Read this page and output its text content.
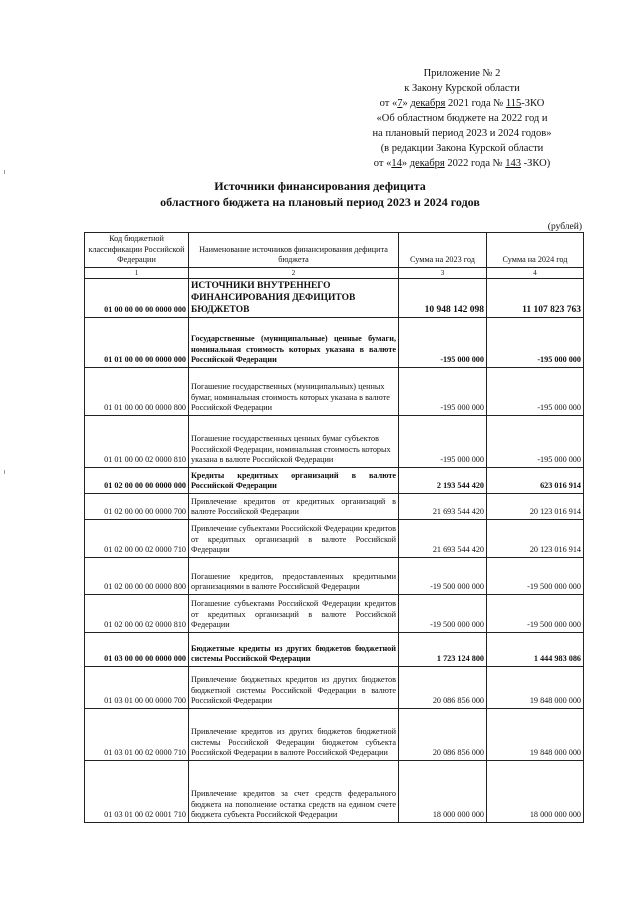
Приложение № 2
к Закону Курской области
от «7» декабря 2021 года № 115-ЗКО
«Об областном бюджете на 2022 год и
на плановый период 2023 и 2024 годов»
(в редакции Закона Курской области
от «14» декабря 2022 года № 143 -ЗКО)
Источники финансирования дефицита
областного бюджета на плановый период 2023 и 2024 годов
(рублей)
Код бюджетной классификации Российской Федерации	Наименование источников финансирования дефицита бюджета	Сумма на 2023 год	Сумма на 2024 год
1	2	3	4
01 00 00 00 00 0000 000	ИСТОЧНИКИ ВНУТРЕННЕГО ФИНАНСИРОВАНИЯ ДЕФИЦИТОВ БЮДЖЕТОВ	10 948 142 098	11 107 823 763
01 01 00 00 00 0000 000	Государственные (муниципальные) ценные бумаги, номинальная стоимость которых указана в валюте Российской Федерации	-195 000 000	-195 000 000
01 01 00 00 00 0000 800	Погашение государственных (муниципальных) ценных бумаг, номинальная стоимость которых указана в валюте Российской Федерации	-195 000 000	-195 000 000
01 01 00 00 02 0000 810	Погашение государственных ценных бумаг субъектов Российской Федерации, номинальная стоимость которых указана в валюте Российской Федерации	-195 000 000	-195 000 000
01 02 00 00 00 0000 000	Кредиты кредитных организаций в валюте Российской Федерации	2 193 544 420	623 016 914
01 02 00 00 00 0000 700	Привлечение кредитов от кредитных организаций в валюте Российской Федерации	21 693 544 420	20 123 016 914
01 02 00 00 02 0000 710	Привлечение субъектами Российской Федерации кредитов от кредитных организаций в валюте Российской Федерации	21 693 544 420	20 123 016 914
01 02 00 00 00 0000 800	Погашение кредитов, предоставленных кредитными организациями в валюте Российской Федерации	-19 500 000 000	-19 500 000 000
01 02 00 00 02 0000 810	Погашение субъектами Российской Федерации кредитов от кредитных организаций в валюте Российской Федерации	-19 500 000 000	-19 500 000 000
01 03 00 00 00 0000 000	Бюджетные кредиты из других бюджетов бюджетной системы Российской Федерации	1 723 124 800	1 444 983 086
01 03 01 00 00 0000 700	Привлечение бюджетных кредитов из других бюджетов бюджетной системы Российской Федерации в валюте Российской Федерации	20 086 856 000	19 848 000 000
01 03 01 00 02 0000 710	Привлечение кредитов из других бюджетов бюджетной системы Российской Федерации бюджетом субъекта Российской Федерации в валюте Российской Федерации	20 086 856 000	19 848 000 000
01 03 01 00 02 0001 710	Привлечение кредитов за счет средств федерального бюджета на пополнение остатка средств на едином счете бюджета субъекта Российской Федерации	18 000 000 000	18 000 000 000
